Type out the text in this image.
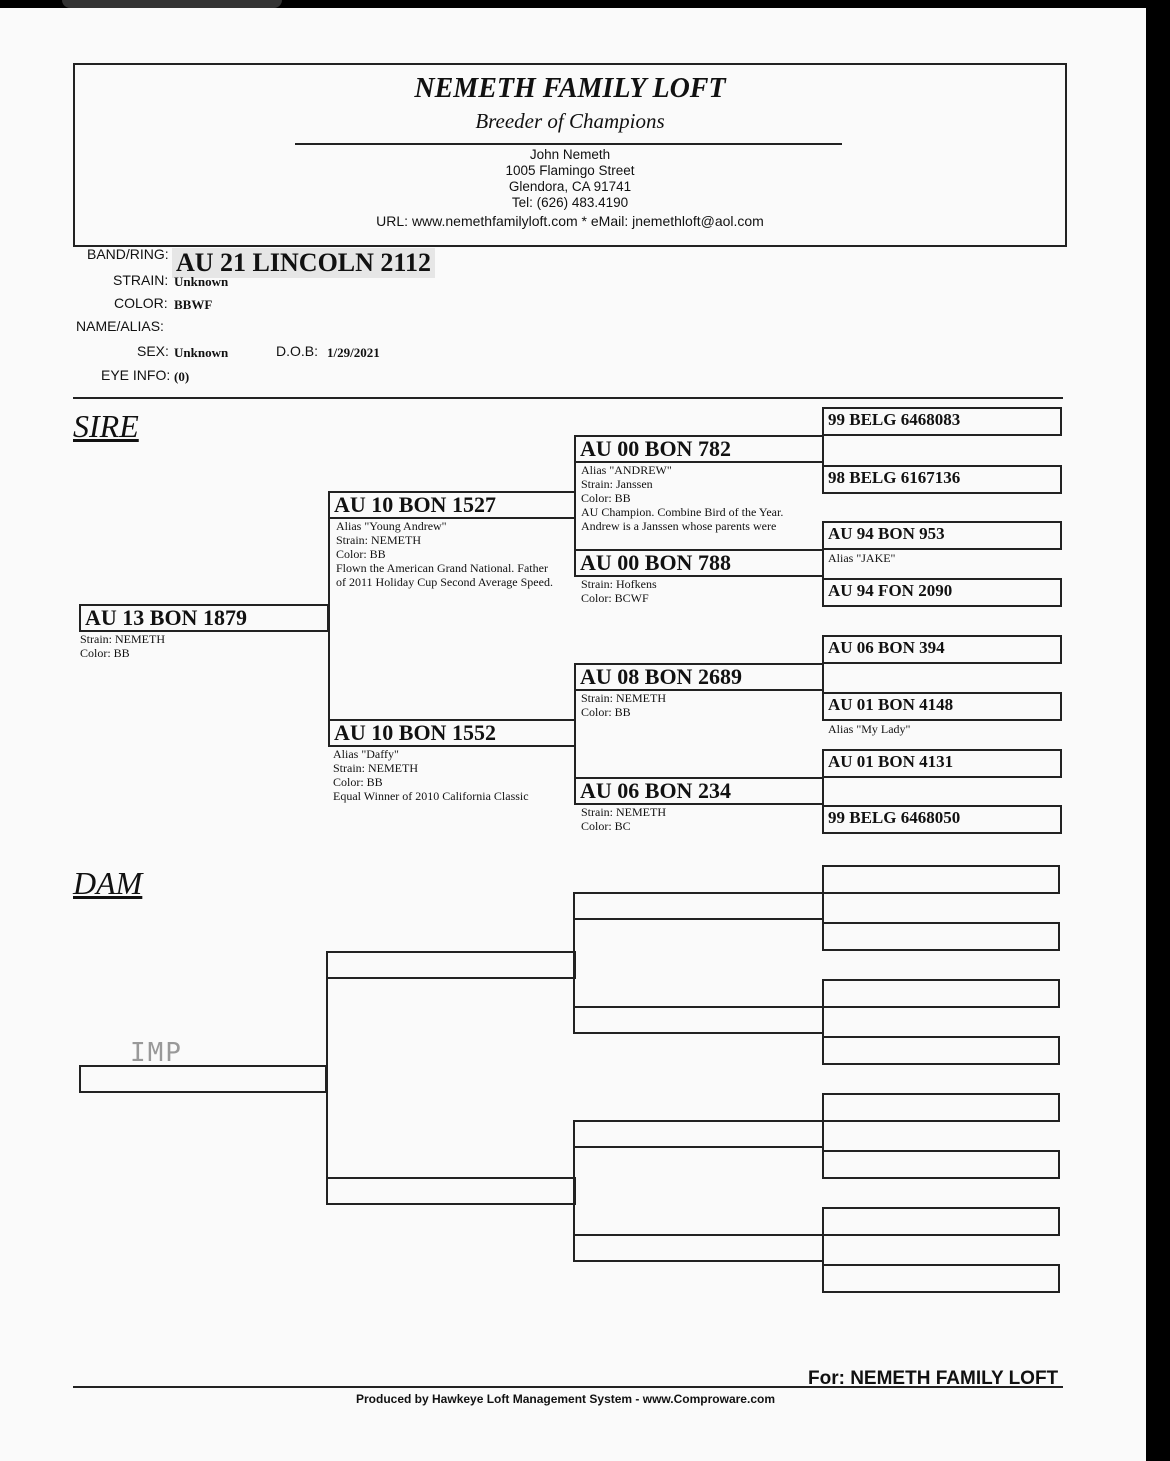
NEMETH FAMILY LOFT
Breeder of Champions
John Nemeth
1005 Flamingo Street
Glendora, CA 91741
Tel: (626) 483.4190
URL: www.nemethfamilyloft.com * eMail: jnemethloft@aol.com
BAND/RING: AU 21 LINCOLN 2112
STRAIN: Unknown
COLOR: BBWF
NAME/ALIAS:
SEX: Unknown	D.O.B: 1/29/2021
EYE INFO: (0)
SIRE
DAM
AU 13 BON 1879
Strain: NEMETH
Color: BB
AU 10 BON 1527
Alias "Young Andrew"
Strain: NEMETH
Color: BB
Flown the American Grand National. Father
of 2011 Holiday Cup Second Average Speed.
AU 10 BON 1552
Alias "Daffy"
Strain: NEMETH
Color: BB
Equal Winner of 2010 California Classic
AU 00 BON 782
Alias "ANDREW"
Strain: Janssen
Color: BB
AU Champion. Combine Bird of the Year.
Andrew is a Janssen whose parents were
AU 00 BON 788
Strain: Hofkens
Color: BCWF
AU 08 BON 2689
Strain: NEMETH
Color: BB
AU 06 BON 234
Strain: NEMETH
Color: BC
99 BELG 6468083
98 BELG 6167136
AU 94 BON 953
Alias "JAKE"
AU 94 FON 2090
AU 06 BON 394
AU 01 BON 4148
Alias "My Lady"
AU 01 BON 4131
99 BELG 6468050
IMP
For: NEMETH FAMILY LOFT
Produced by Hawkeye Loft Management System - www.Comproware.com
